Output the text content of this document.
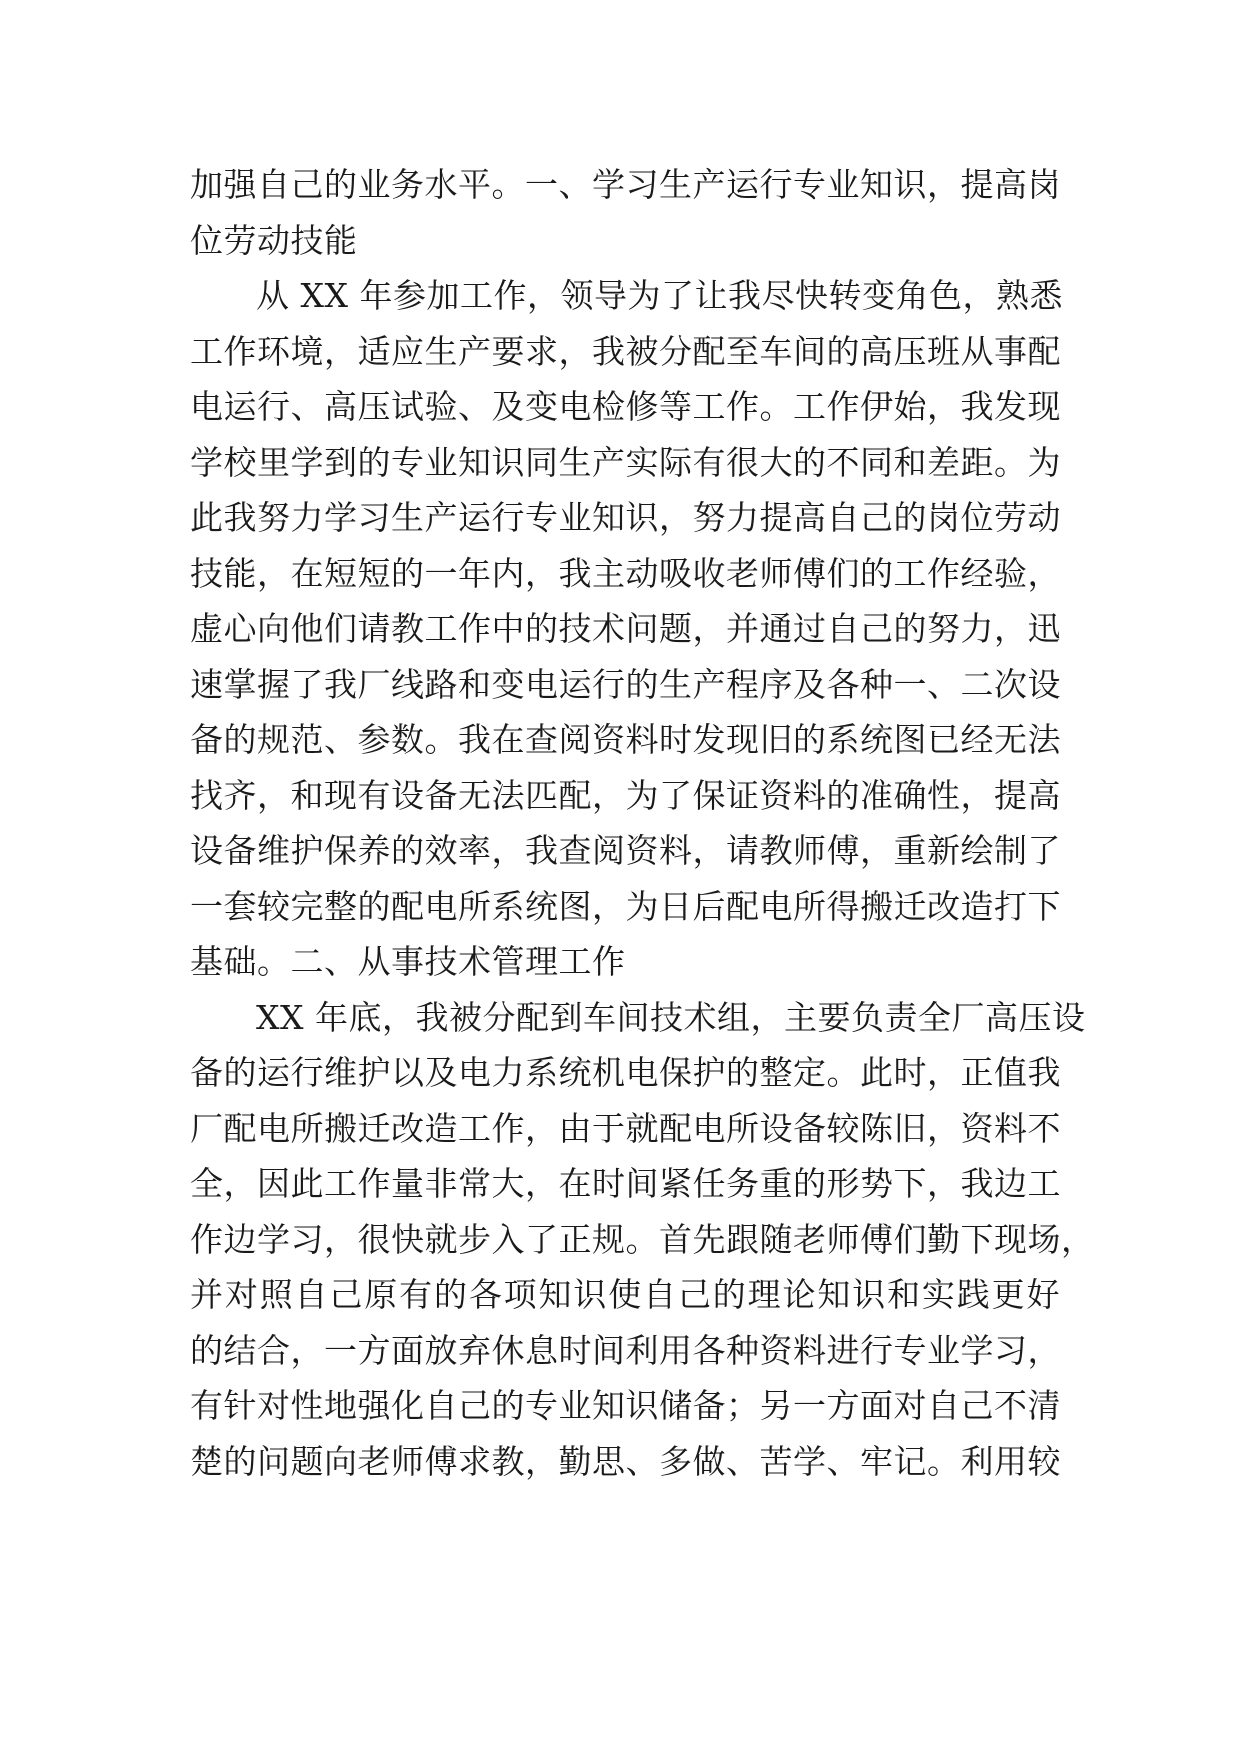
加强自己的业务水平。一、学习生产运行专业知识，提高岗
位劳动技能
从 XX 年参加工作，领导为了让我尽快转变角色，熟悉
工作环境，适应生产要求，我被分配至车间的高压班从事配
电运行、高压试验、及变电检修等工作。工作伊始，我发现
学校里学到的专业知识同生产实际有很大的不同和差距。为
此我努力学习生产运行专业知识，努力提高自己的岗位劳动
技能，在短短的一年内，我主动吸收老师傅们的工作经验，
虚心向他们请教工作中的技术问题，并通过自己的努力，迅
速掌握了我厂线路和变电运行的生产程序及各种一、二次设
备的规范、参数。我在查阅资料时发现旧的系统图已经无法
找齐，和现有设备无法匹配，为了保证资料的准确性，提高
设备维护保养的效率，我查阅资料，请教师傅，重新绘制了
一套较完整的配电所系统图，为日后配电所得搬迁改造打下
基础。二、从事技术管理工作
XX 年底，我被分配到车间技术组，主要负责全厂高压设
备的运行维护以及电力系统机电保护的整定。此时，正值我
厂配电所搬迁改造工作，由于就配电所设备较陈旧，资料不
全，因此工作量非常大，在时间紧任务重的形势下，我边工
作边学习，很快就步入了正规。首先跟随老师傅们勤下现场，
并对照自己原有的各项知识使自己的理论知识和实践更好
的结合，一方面放弃休息时间利用各种资料进行专业学习，
有针对性地强化自己的专业知识储备；另一方面对自己不清
楚的问题向老师傅求教，勤思、多做、苦学、牢记。利用较
